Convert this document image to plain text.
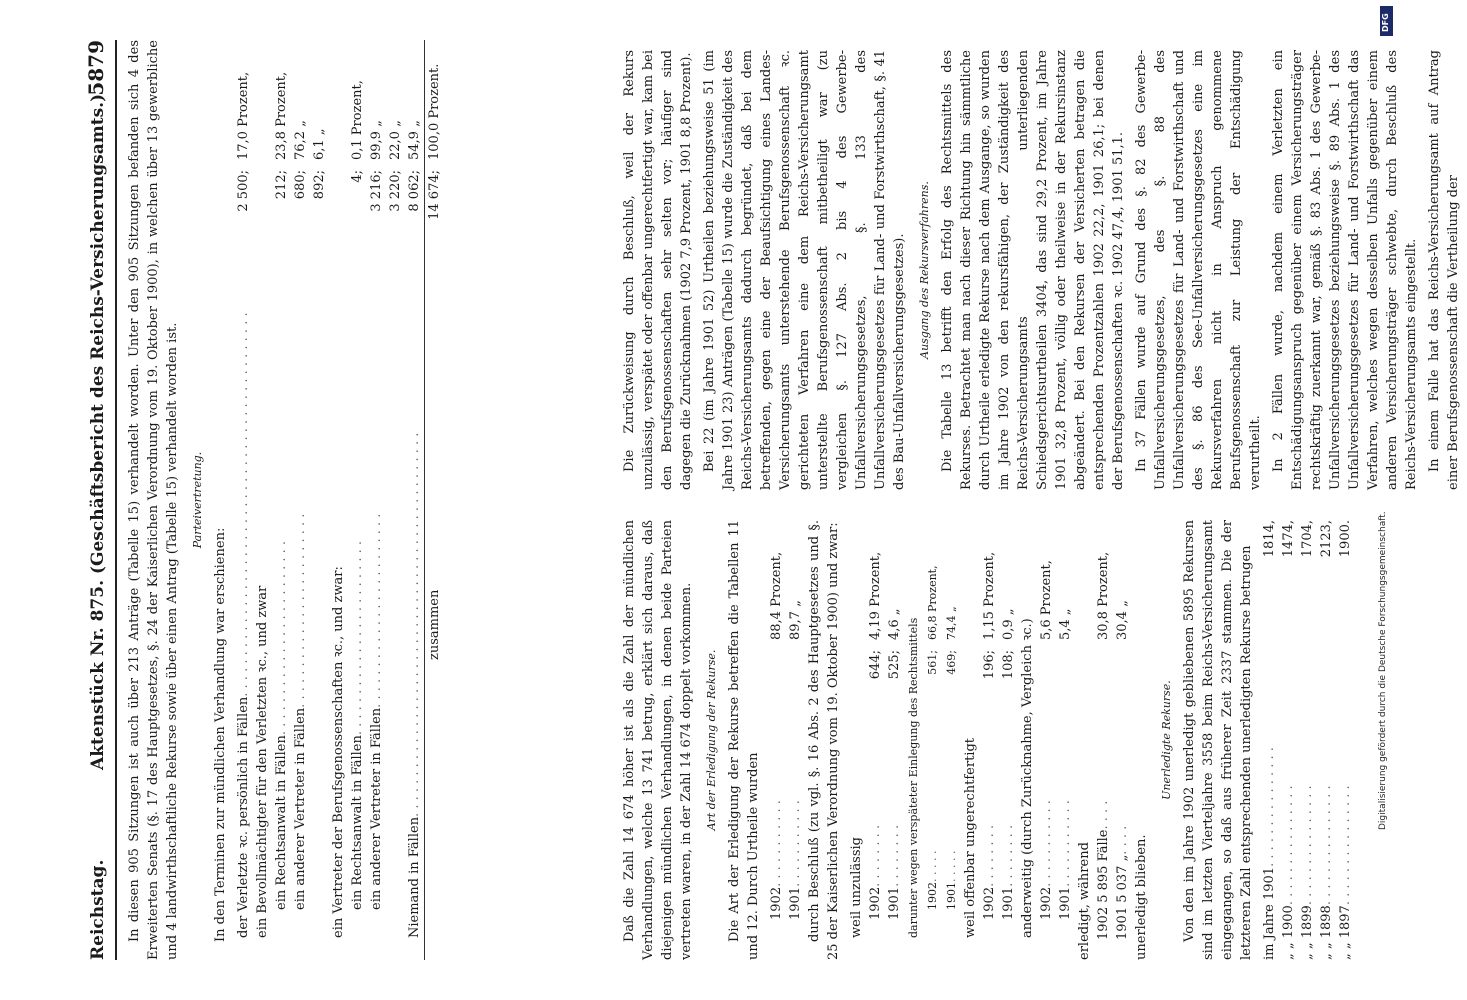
Reichstag.
Aktenstück Nr. 875. (Geschäftsbericht des Reichs-Versicherungsamts.)
5879 In diesen 905 Sitzungen ist auch über 213 Anträge (Tabelle 15) verhandelt worden. Unter den 905 Sitzungen befanden sich 4 des Erweiterten Senats (§. 17 des Hauptgesetzes, §. 24 der Kaiserlichen Verordnung vom 19. Oktober 1900), in welchen über 13 gewerbliche und 4 landwirthschaftliche Rekurse sowie über einen Antrag (Tabelle 15) verhandelt worden ist. Parteivertretung.

In den Terminen zur mündlichen Verhandlung war erschienen: der Verletzte ꝛc. persönlich in Fällen
. . . . . . . . . . . . . . . . . . . . . . . . . . . . . . . . . . . . . . . . . . . . . . .
2 500;
17,0 Prozent,
ein Bevollmächtigter für den Verletzten ꝛc., und zwar ein Rechtsanwalt in Fällen
. . . . . . . . . . . . . . . . . . . . . . . .
212;
23,8 Prozent,
ein anderer Vertreter in Fällen
. . . . . . . . . . . . . . . . . . . . . . . .
680;
76,2 „
892;
6,1 „
ein Vertreter der Berufsgenossenschaften ꝛc., und zwar: ein Rechtsanwalt in Fällen
. . . . . . . . . . . . . . . . . . . . . . . .
4;
0,1 Prozent,
ein anderer Vertreter in Fällen
. . . . . . . . . . . . . . . . . . . . . . . .
3 216;
99,9 „
3 220;
22,0 „
Niemand in Fällen
. . . . . . . . . . . . . . . . . . . . . . . . . . . . . . . . . . . . . . . . . . . . . . .
8 062;
54,9 „
zusammen
14 674;
100,0 Prozent.

Daß die Zahl 14 674 höher ist als die Zahl der mündlichen Verhandlungen, welche 13 741 betrug, erklärt sich daraus, daß diejenigen mündlichen Verhandlungen, in denen beide Parteien vertreten waren, in der Zahl 14 674 doppelt vorkommen. Art der Erledigung der Rekurse. Die Art der Erledigung der Rekurse betreffen die Tabellen 11 und 12. Durch Urtheile wurden 1902
. . . . . . . . . . .
88,4 Prozent,
1901
. . . . . . . . . . .
89,7 „ durch Beschluß (zu vgl. §. 16 Abs. 2 des Hauptgesetzes und §. 25 der Kaiserlichen Verordnung vom 19. Oktober 1900) und zwar: weil unzulässig 1902
. . . . . . . .
644;
4,19 Prozent,
1901
. . . . . . . .
525;
4,6 „ darunter wegen verspäteter Einlegung des Rechtsmittels 1902
. . . . .
561;
66,8 Prozent,
1901
. . . . .
469;
74,4 „
weil offenbar ungerechtfertigt 1902
. . . . . . . .
196;
1,15 Prozent,
1901
. . . . . . . .
108;
0,9 „ anderweitig (durch Zurücknahme, Vergleich ꝛc.) 1902
. . . . . . . . . . .
5,6 Prozent,
1901
. . . . . . . . . . .
5,4 „
erledigt, während 1902 5 895 Fälle
. . . .
30,8 Prozent,
1901 5 037 „
. . . .
30,4 „
unerledigt blieben.
Unerledigte Rekurse. Von den im Jahre 1902 unerledigt gebliebenen 5895 Rekursen sind im letzten Vierteljahre 3558 beim Reichs-Versicherungsamt eingegangen, so daß aus früherer Zeit 2337 stammen. Die der letzteren Zahl entsprechenden unerledigten Rekurse betrugen im Jahre 1901
. . . . . . . . . . . . . . .
1814,
„ „ 1900
. . . . . . . . . . . . . . .
1474,
„ „ 1899
. . . . . . . . . . . . . . .
1704,
„ „ 1898
. . . . . . . . . . . . . . .
2123,
„ „ 1897
. . . . . . . . . . . . . . .
1900.

Die Zurückweisung durch Beschluß, weil der Rekurs unzulässig, verspätet oder offenbar ungerechtfertigt war, kam bei den Berufsgenossenschaften sehr selten vor; häufiger sind dagegen die Zurücknahmen (1902 7,9 Prozent, 1901 8,8 Prozent). Bei 22 (im Jahre 1901 52) Urtheilen beziehungsweise 51 (im Jahre 1901 23) Anträgen (Tabelle 15) wurde die Zuständigkeit des Reichs-Versicherungsamts dadurch begründet, daß bei dem betreffenden, gegen eine der Beaufsichtigung eines Landes-Versicherungsamts unterstehende Berufsgenossenschaft ꝛc. gerichteten Verfahren eine dem Reichs-Versicherungsamt unterstellte Berufsgenossenschaft mitbetheiligt war (zu vergleichen §. 127 Abs. 2 bis 4 des Gewerbe-Unfallversicherungsgesetzes, §. 133 des Unfallversicherungsgesetzes für Land- und Forstwirthschaft, §. 41 des Bau-Unfallversicherungsgesetzes). Ausgang des Rekursverfahrens. Die Tabelle 13 betrifft den Erfolg des Rechtsmittels des Rekurses. Betrachtet man nach dieser Richtung hin sämmtliche durch Urtheile erledigte Rekurse nach dem Ausgange, so wurden im Jahre 1902 von den rekursfähigen, der Zuständigkeit des Reichs-Versicherungsamts unterliegenden Schiedsgerichtsurtheilen 3404, das sind 29,2 Prozent, im Jahre 1901 32,8 Prozent, völlig oder theilweise in der Rekursinstanz abgeändert. Bei den Rekursen der Versicherten betragen die entsprechenden Prozentzahlen 1902 22,2, 1901 26,1; bei denen der Berufsgenossenschaften ꝛc. 1902 47,4, 1901 51,1. In 37 Fällen wurde auf Grund des §. 82 des Gewerbe-Unfallversicherungsgesetzes, des §. 88 des Unfallversicherungsgesetzes für Land- und Forstwirthschaft und des §. 86 des See-Unfallversicherungsgesetzes eine im Rekursverfahren nicht in Anspruch genommene Berufsgenossenschaft zur Leistung der Entschädigung verurtheilt. In 2 Fällen wurde, nachdem einem Verletzten ein Entschädigungsanspruch gegenüber einem Versicherungsträger rechtskräftig zuerkannt war, gemäß §. 83 Abs. 1 des Gewerbe-Unfallversicherungsgesetzes beziehungsweise §. 89 Abs. 1 des Unfallversicherungsgesetzes für Land- und Forstwirthschaft das Verfahren, welches wegen desselben Unfalls gegenüber einem anderen Versicherungsträger schwebte, durch Beschluß des Reichs-Versicherungsamts eingestellt. In einem Falle hat das Reichs-Versicherungsamt auf Antrag einer Berufsgenossenschaft die Vertheilung der

DFG
Digitalisierung gefördert durch die Deutsche Forschungsgemeinschaft.
